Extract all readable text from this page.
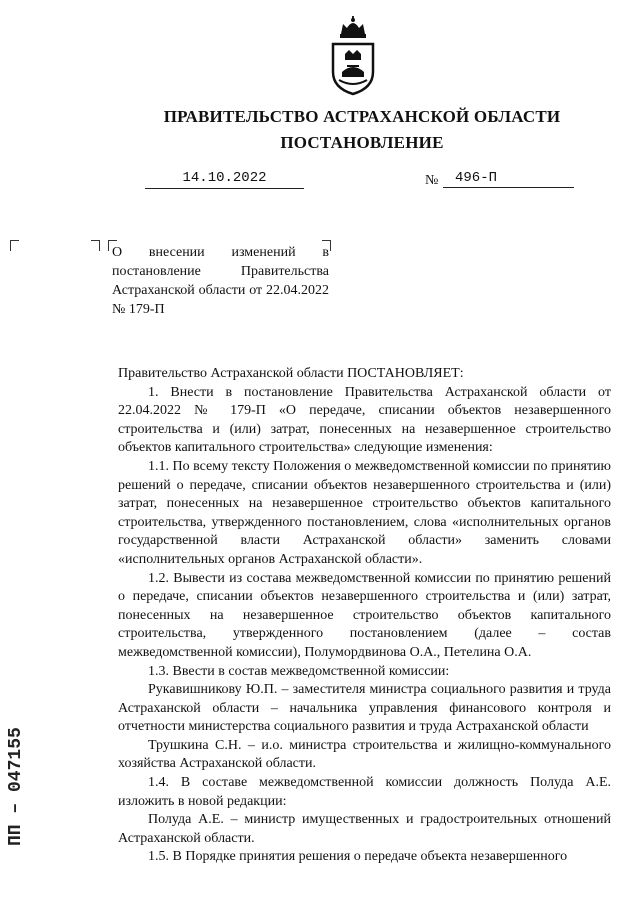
ПРАВИТЕЛЬСТВО АСТРАХАНСКОЙ ОБЛАСТИ
ПОСТАНОВЛЕНИЕ
14.10.2022	№	496-П
О внесении изменений в постановление Правительства Астраханской области от 22.04.2022 № 179-П

Правительство Астраханской области ПОСТАНОВЛЯЕТ:

1. Внести в постановление Правительства Астраханской области от 22.04.2022 № 179-П «О передаче, списании объектов незавершенного строительства и (или) затрат, понесенных на незавершенное строительство объектов капитального строительства» следующие изменения:

1.1. По всему тексту Положения о межведомственной комиссии по принятию решений о передаче, списании объектов незавершенного строительства и (или) затрат, понесенных на незавершенное строительство объектов капитального строительства, утвержденного постановлением, слова «исполнительных органов государственной власти Астраханской области» заменить словами «исполнительных органов Астраханской области».

1.2. Вывести из состава межведомственной комиссии по принятию решений о передаче, списании объектов незавершенного строительства и (или) затрат, понесенных на незавершенное строительство объектов капитального строительства, утвержденного постановлением (далее – состав межведомственной комиссии), Полумордвинова О.А., Петелина О.А.

1.3. Ввести в состав межведомственной комиссии:

Рукавишникову Ю.П. – заместителя министра социального развития и труда Астраханской области – начальника управления финансового контроля и отчетности министерства социального развития и труда Астраханской области

Трушкина С.Н. – и.о. министра строительства и жилищно-коммунального хозяйства Астраханской области.

1.4. В составе межведомственной комиссии должность Полуда А.Е. изложить в новой редакции:

Полуда А.Е. – министр имущественных и градостроительных отношений Астраханской области.

1.5. В Порядке принятия решения о передаче объекта незавершенного

ПП – 047155
